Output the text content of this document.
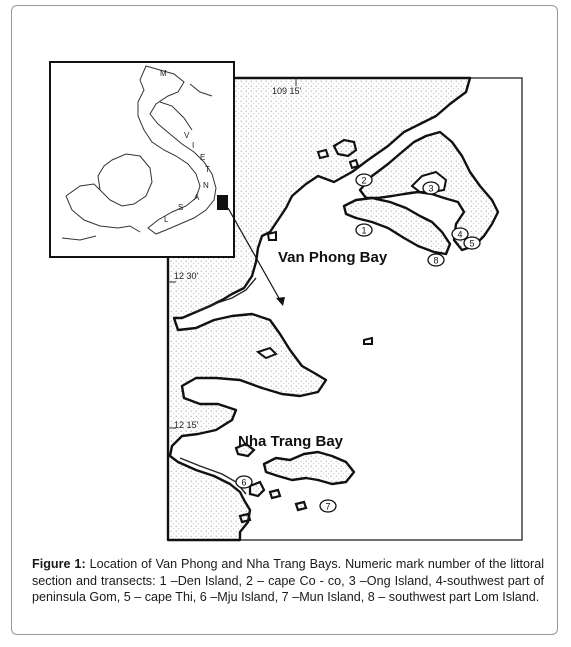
109 15'
12 30'
12 15'
Van Phong Bay
Nha Trang Bay
1
2
3
4
5
6
7
8
M
V
I
E
T
N
A
S
L
Figure 1: Location of Van Phong and Nha Trang Bays. Numeric mark number of the littoral section and transects: 1 –Den Island, 2 – cape Co - co, 3 –Ong Island, 4-southwest part of peninsula Gom, 5 – cape Thi, 6 –Mju Island, 7 –Mun Island, 8 – southwest part Lom Island.
